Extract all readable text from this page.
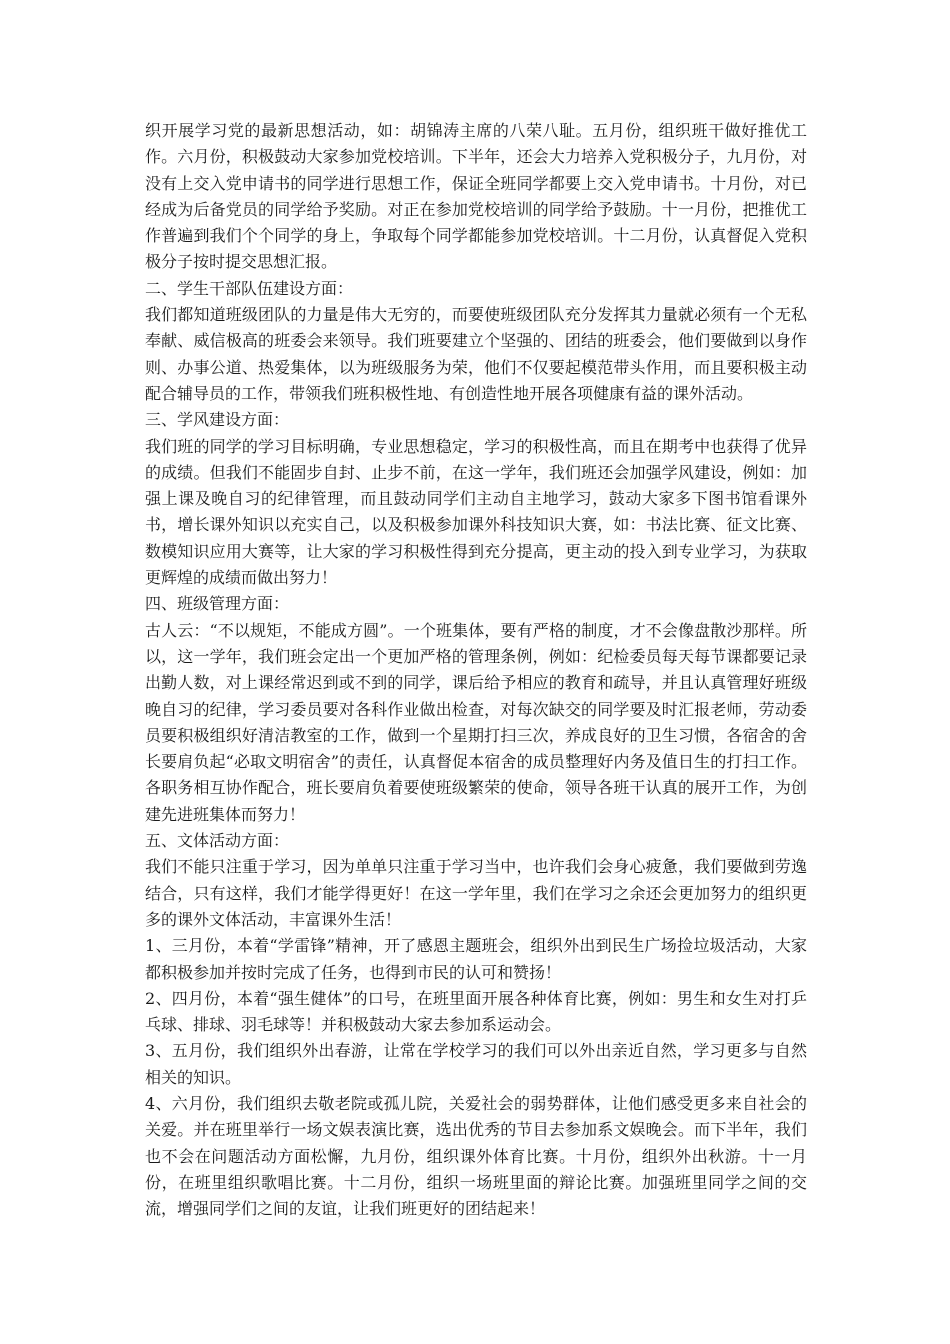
织开展学习党的最新思想活动，如：胡锦涛主席的八荣八耻。五月份，组织班干做好推优工作。六月份，积极鼓动大家参加党校培训。下半年，还会大力培养入党积极分子，九月份，对没有上交入党申请书的同学进行思想工作，保证全班同学都要上交入党申请书。十月份，对已经成为后备党员的同学给予奖励。对正在参加党校培训的同学给予鼓励。十一月份，把推优工作普遍到我们个个同学的身上，争取每个同学都能参加党校培训。十二月份，认真督促入党积极分子按时提交思想汇报。

二、学生干部队伍建设方面：

我们都知道班级团队的力量是伟大无穷的，而要使班级团队充分发挥其力量就必须有一个无私奉献、威信极高的班委会来领导。我们班要建立个坚强的、团结的班委会，他们要做到以身作则、办事公道、热爱集体，以为班级服务为荣，他们不仅要起模范带头作用，而且要积极主动配合辅导员的工作，带领我们班积极性地、有创造性地开展各项健康有益的课外活动。

三、学风建设方面：

我们班的同学的学习目标明确，专业思想稳定，学习的积极性高，而且在期考中也获得了优异的成绩。但我们不能固步自封、止步不前，在这一学年，我们班还会加强学风建设，例如：加强上课及晚自习的纪律管理，而且鼓动同学们主动自主地学习，鼓动大家多下图书馆看课外书，增长课外知识以充实自己，以及积极参加课外科技知识大赛，如：书法比赛、征文比赛、数模知识应用大赛等，让大家的学习积极性得到充分提高，更主动的投入到专业学习，为获取更辉煌的成绩而做出努力！

四、班级管理方面：

古人云：“不以规矩，不能成方圆”。一个班集体，要有严格的制度，才不会像盘散沙那样。所以，这一学年，我们班会定出一个更加严格的管理条例，例如：纪检委员每天每节课都要记录出勤人数，对上课经常迟到或不到的同学，课后给予相应的教育和疏导，并且认真管理好班级晚自习的纪律，学习委员要对各科作业做出检查，对每次缺交的同学要及时汇报老师，劳动委员要积极组织好清洁教室的工作，做到一个星期打扫三次，养成良好的卫生习惯，各宿舍的舍长要肩负起“必取文明宿舍”的责任，认真督促本宿舍的成员整理好内务及值日生的打扫工作。各职务相互协作配合，班长要肩负着要使班级繁荣的使命，领导各班干认真的展开工作，为创建先进班集体而努力！

五、文体活动方面：

我们不能只注重于学习，因为单单只注重于学习当中，也许我们会身心疲惫，我们要做到劳逸结合，只有这样，我们才能学得更好！在这一学年里，我们在学习之余还会更加努力的组织更多的课外文体活动，丰富课外生活！

1、三月份，本着“学雷锋”精神，开了感恩主题班会，组织外出到民生广场捡垃圾活动，大家都积极参加并按时完成了任务，也得到市民的认可和赞扬！

2、四月份，本着“强生健体”的口号，在班里面开展各种体育比赛，例如：男生和女生对打乒乓球、排球、羽毛球等！并积极鼓动大家去参加系运动会。

3、五月份，我们组织外出春游，让常在学校学习的我们可以外出亲近自然，学习更多与自然相关的知识。

4、六月份，我们组织去敬老院或孤儿院，关爱社会的弱势群体，让他们感受更多来自社会的关爱。并在班里举行一场文娱表演比赛，选出优秀的节目去参加系文娱晚会。而下半年，我们也不会在问题活动方面松懈，九月份，组织课外体育比赛。十月份，组织外出秋游。十一月份，在班里组织歌唱比赛。十二月份，组织一场班里面的辩论比赛。加强班里同学之间的交流，增强同学们之间的友谊，让我们班更好的团结起来！
